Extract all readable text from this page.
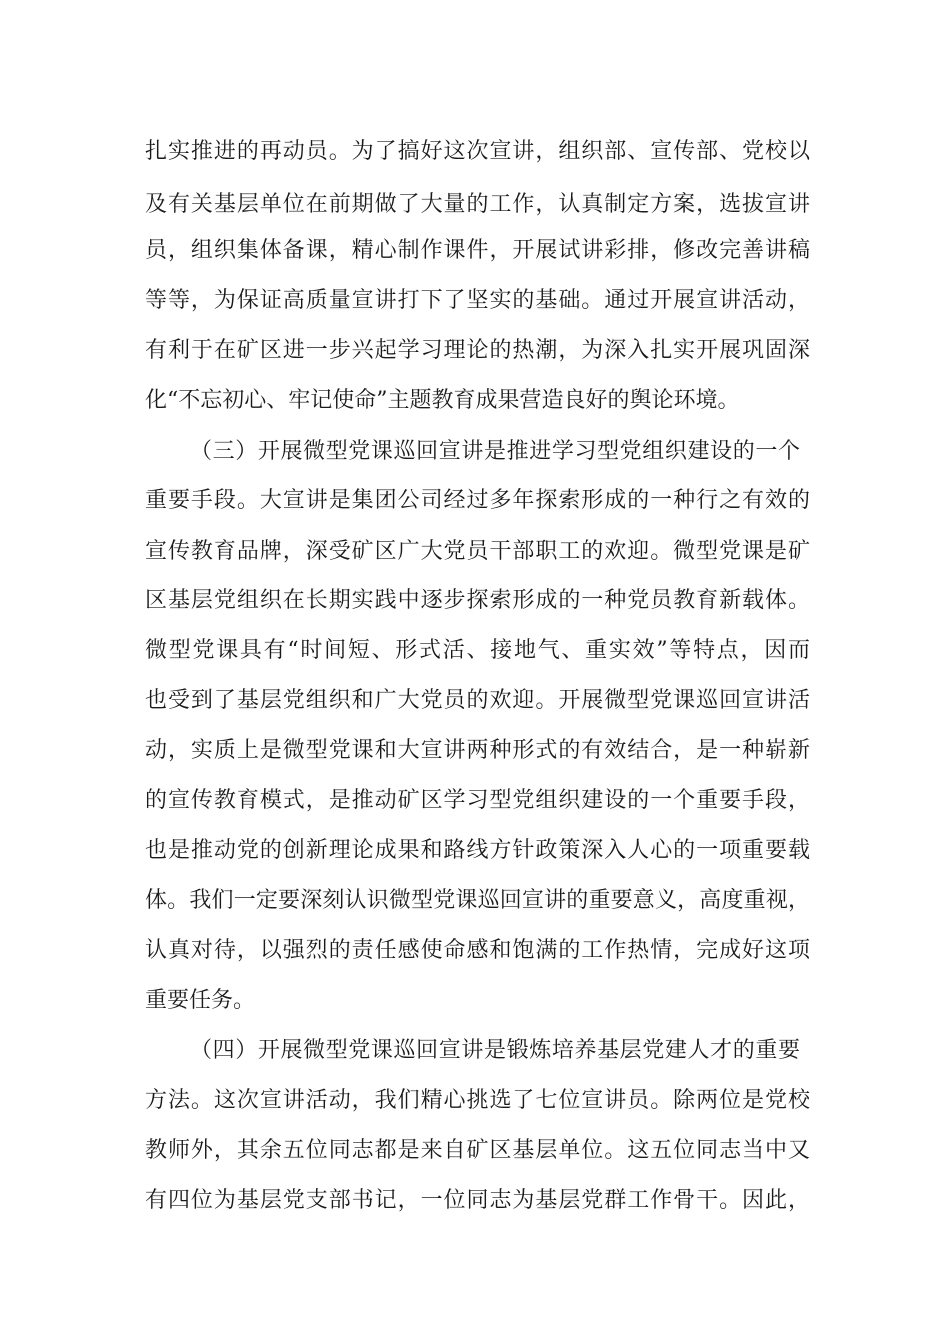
扎实推进的再动员。为了搞好这次宣讲，组织部、宣传部、党校以
及有关基层单位在前期做了大量的工作，认真制定方案，选拔宣讲
员，组织集体备课，精心制作课件，开展试讲彩排，修改完善讲稿
等等，为保证高质量宣讲打下了坚实的基础。通过开展宣讲活动，
有利于在矿区进一步兴起学习理论的热潮，为深入扎实开展巩固深
化“不忘初心、牢记使命”主题教育成果营造良好的舆论环境。
（三）开展微型党课巡回宣讲是推进学习型党组织建设的一个
重要手段。大宣讲是集团公司经过多年探索形成的一种行之有效的
宣传教育品牌，深受矿区广大党员干部职工的欢迎。微型党课是矿
区基层党组织在长期实践中逐步探索形成的一种党员教育新载体。
微型党课具有“时间短、形式活、接地气、重实效”等特点，因而
也受到了基层党组织和广大党员的欢迎。开展微型党课巡回宣讲活
动，实质上是微型党课和大宣讲两种形式的有效结合，是一种崭新
的宣传教育模式，是推动矿区学习型党组织建设的一个重要手段，
也是推动党的创新理论成果和路线方针政策深入人心的一项重要载
体。我们一定要深刻认识微型党课巡回宣讲的重要意义，高度重视，
认真对待，以强烈的责任感使命感和饱满的工作热情，完成好这项
重要任务。
（四）开展微型党课巡回宣讲是锻炼培养基层党建人才的重要
方法。这次宣讲活动，我们精心挑选了七位宣讲员。除两位是党校
教师外，其余五位同志都是来自矿区基层单位。这五位同志当中又
有四位为基层党支部书记，一位同志为基层党群工作骨干。因此，
